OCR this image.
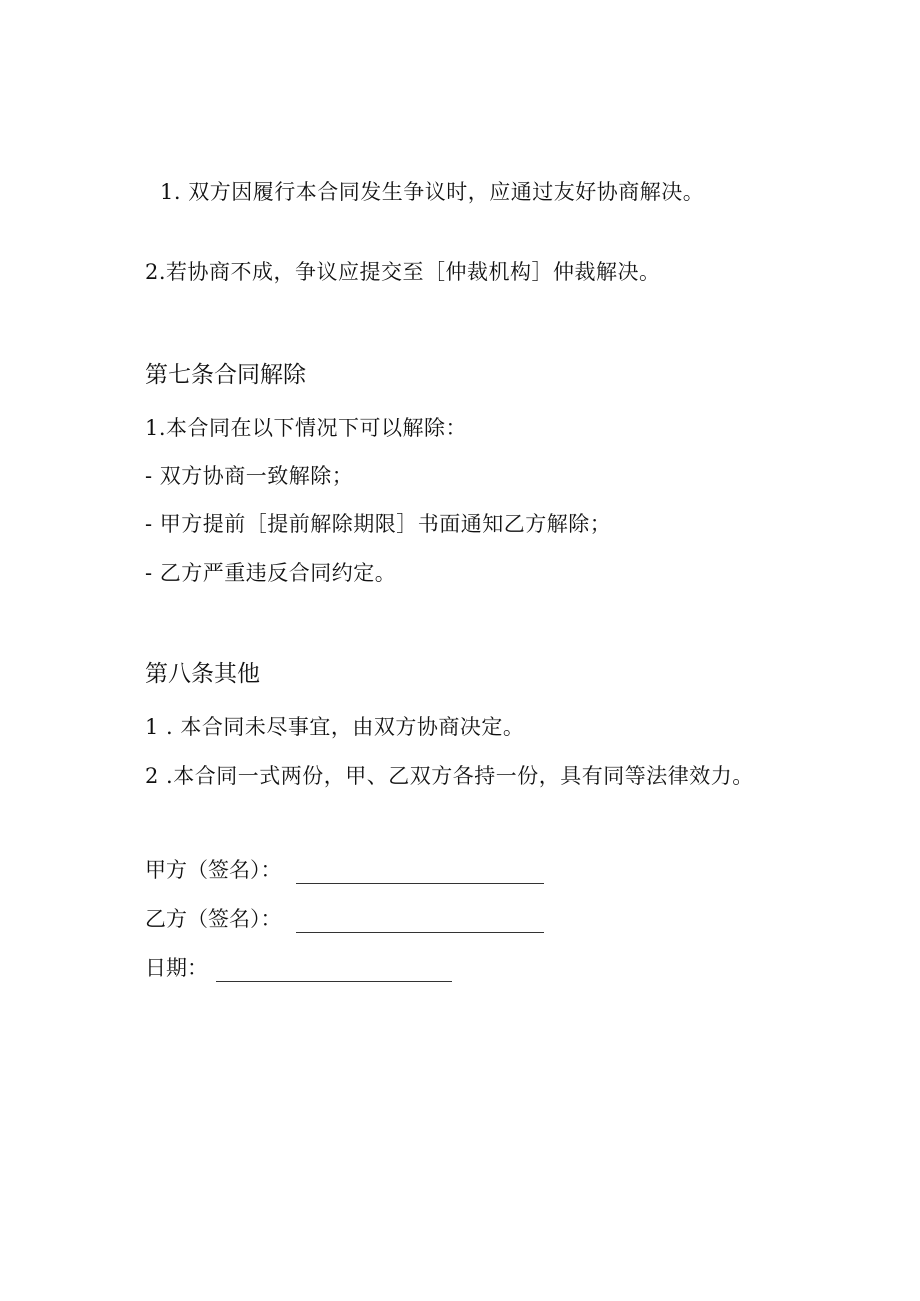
1. 双方因履行本合同发生争议时，应通过友好协商解决。
2.若协商不成，争议应提交至［仲裁机构］仲裁解决。
第七条合同解除
1.本合同在以下情况下可以解除：
- 双方协商一致解除；
- 甲方提前［提前解除期限］书面通知乙方解除；
- 乙方严重违反合同约定。
第八条其他
1 . 本合同未尽事宜，由双方协商决定。
2 .本合同一式两份，甲、乙双方各持一份，具有同等法律效力。
甲方（签名）：
乙方（签名）：
日期：
